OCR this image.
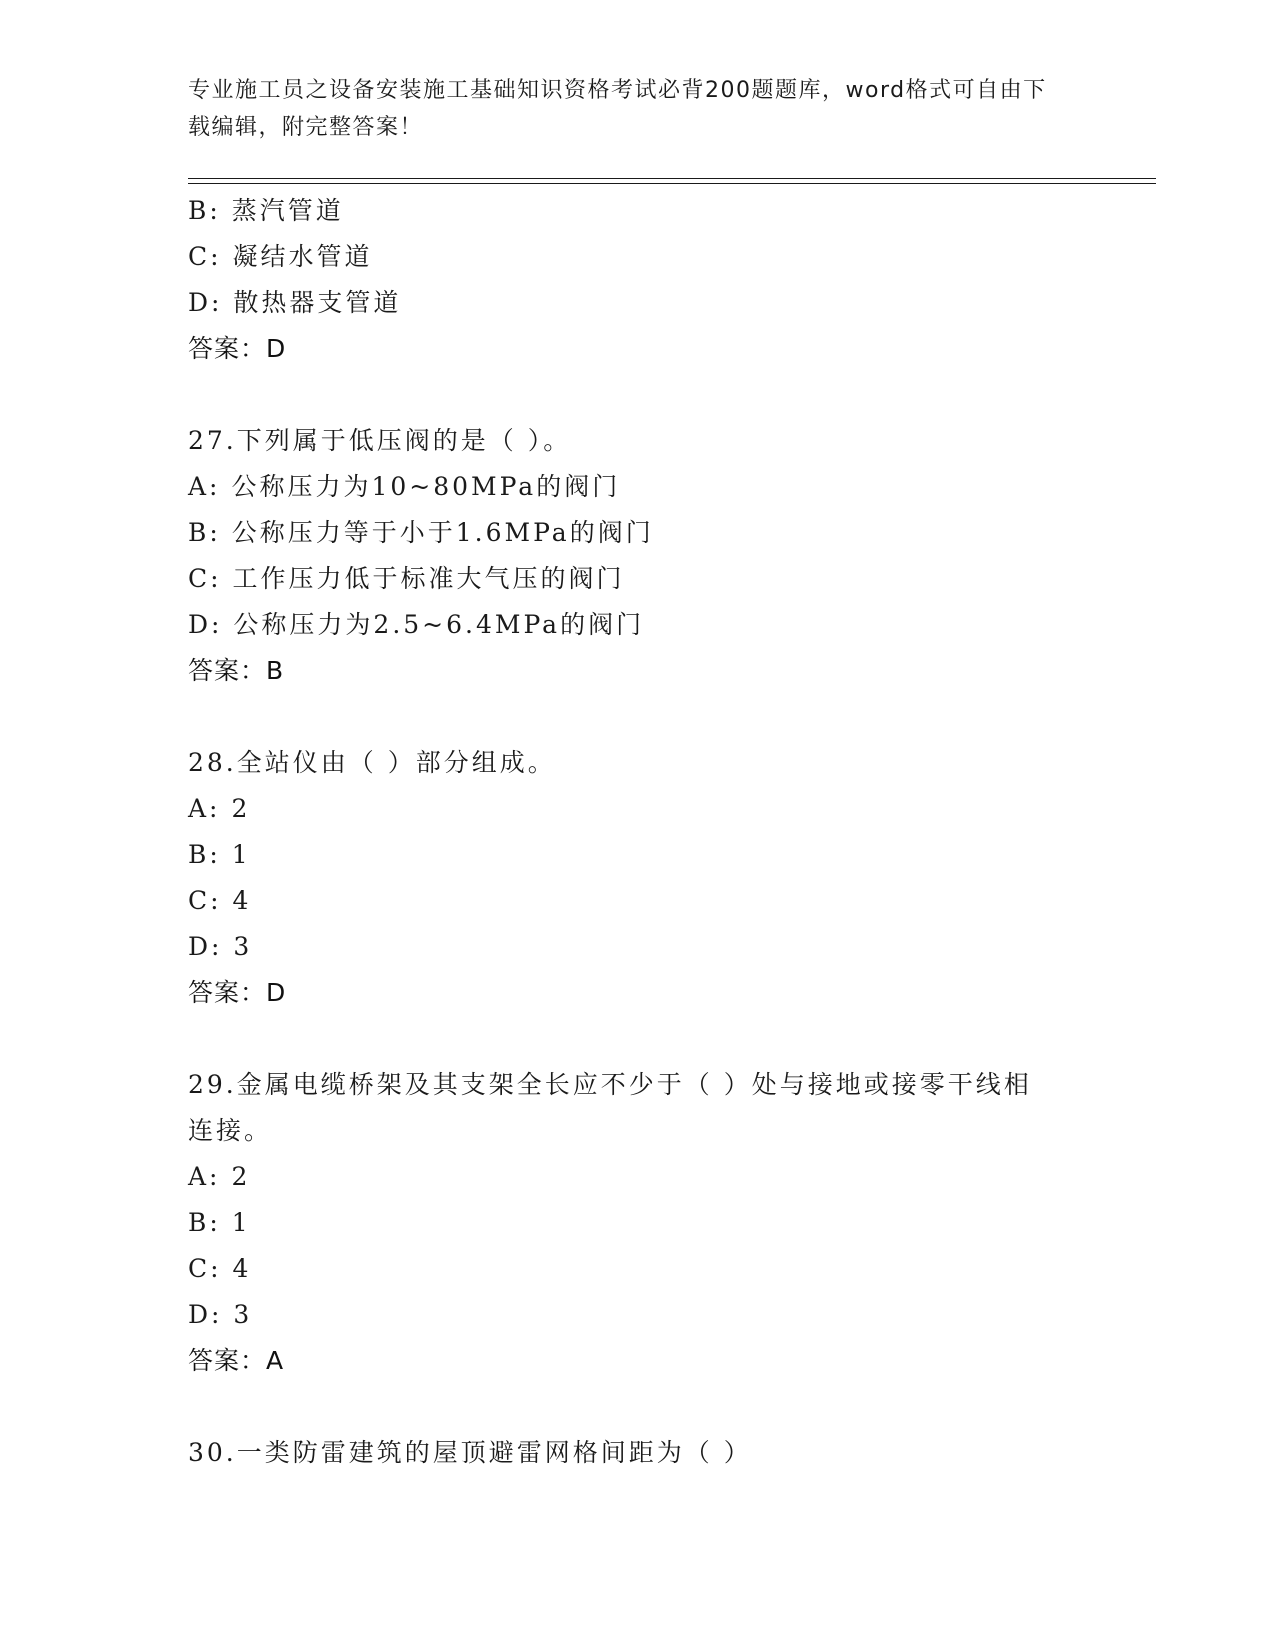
专业施工员之设备安装施工基础知识资格考试必背200题题库，word格式可自由下载编辑，附完整答案！
B: 蒸汽管道
C: 凝结水管道
D: 散热器支管道
答案：D
27.下列属于低压阀的是（ ）。
A: 公称压力为10~80MPa的阀门
B: 公称压力等于小于1.6MPa的阀门
C: 工作压力低于标准大气压的阀门
D: 公称压力为2.5~6.4MPa的阀门
答案：B
28.全站仪由（ ）部分组成。
A: 2
B: 1
C: 4
D: 3
答案：D
29.金属电缆桥架及其支架全长应不少于（ ）处与接地或接零干线相连接。
A: 2
B: 1
C: 4
D: 3
答案：A
30.一类防雷建筑的屋顶避雷网格间距为（ ）
